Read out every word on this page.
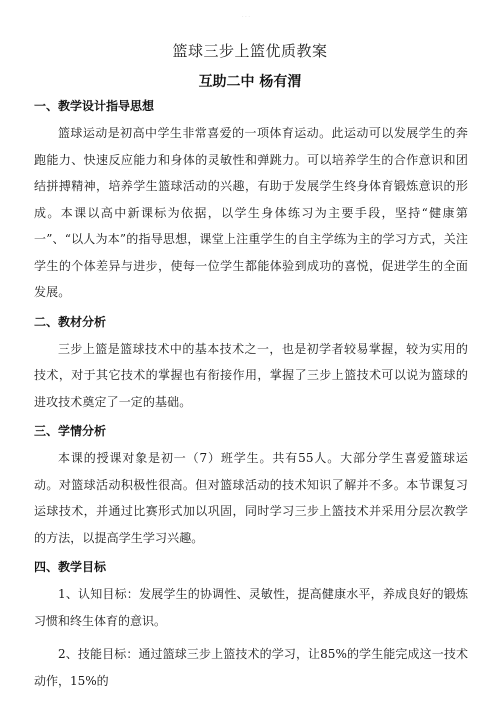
· · ·
篮球三步上篮优质教案
互助二中 杨有渭
一、教学设计指导思想

篮球运动是初高中学生非常喜爱的一项体育运动。此运动可以发展学生的奔跑能力、快速反应能力和身体的灵敏性和弹跳力。可以培养学生的合作意识和团结拼搏精神，培养学生篮球活动的兴趣，有助于发展学生终身体育锻炼意识的形成。本课以高中新课标为依据，以学生身体练习为主要手段，坚持“健康第一”、“以人为本”的指导思想，课堂上注重学生的自主学练为主的学习方式，关注学生的个体差异与进步，使每一位学生都能体验到成功的喜悦，促进学生的全面发展。

二、教材分析

三步上篮是篮球技术中的基本技术之一，也是初学者较易掌握，较为实用的技术，对于其它技术的掌握也有衔接作用，掌握了三步上篮技术可以说为篮球的进攻技术奠定了一定的基础。

三、学情分析

本课的授课对象是初一（7）班学生。共有55人。大部分学生喜爱篮球运动。对篮球活动积极性很高。但对篮球活动的技术知识了解并不多。本节课复习运球技术，并通过比赛形式加以巩固，同时学习三步上篮技术并采用分层次教学的方法，以提高学生学习兴趣。

四、教学目标

1、认知目标：发展学生的协调性、灵敏性，提高健康水平，养成良好的锻炼习惯和终生体育的意识。

2、技能目标：通过篮球三步上篮技术的学习，让85%的学生能完成这一技术动作，15%的
